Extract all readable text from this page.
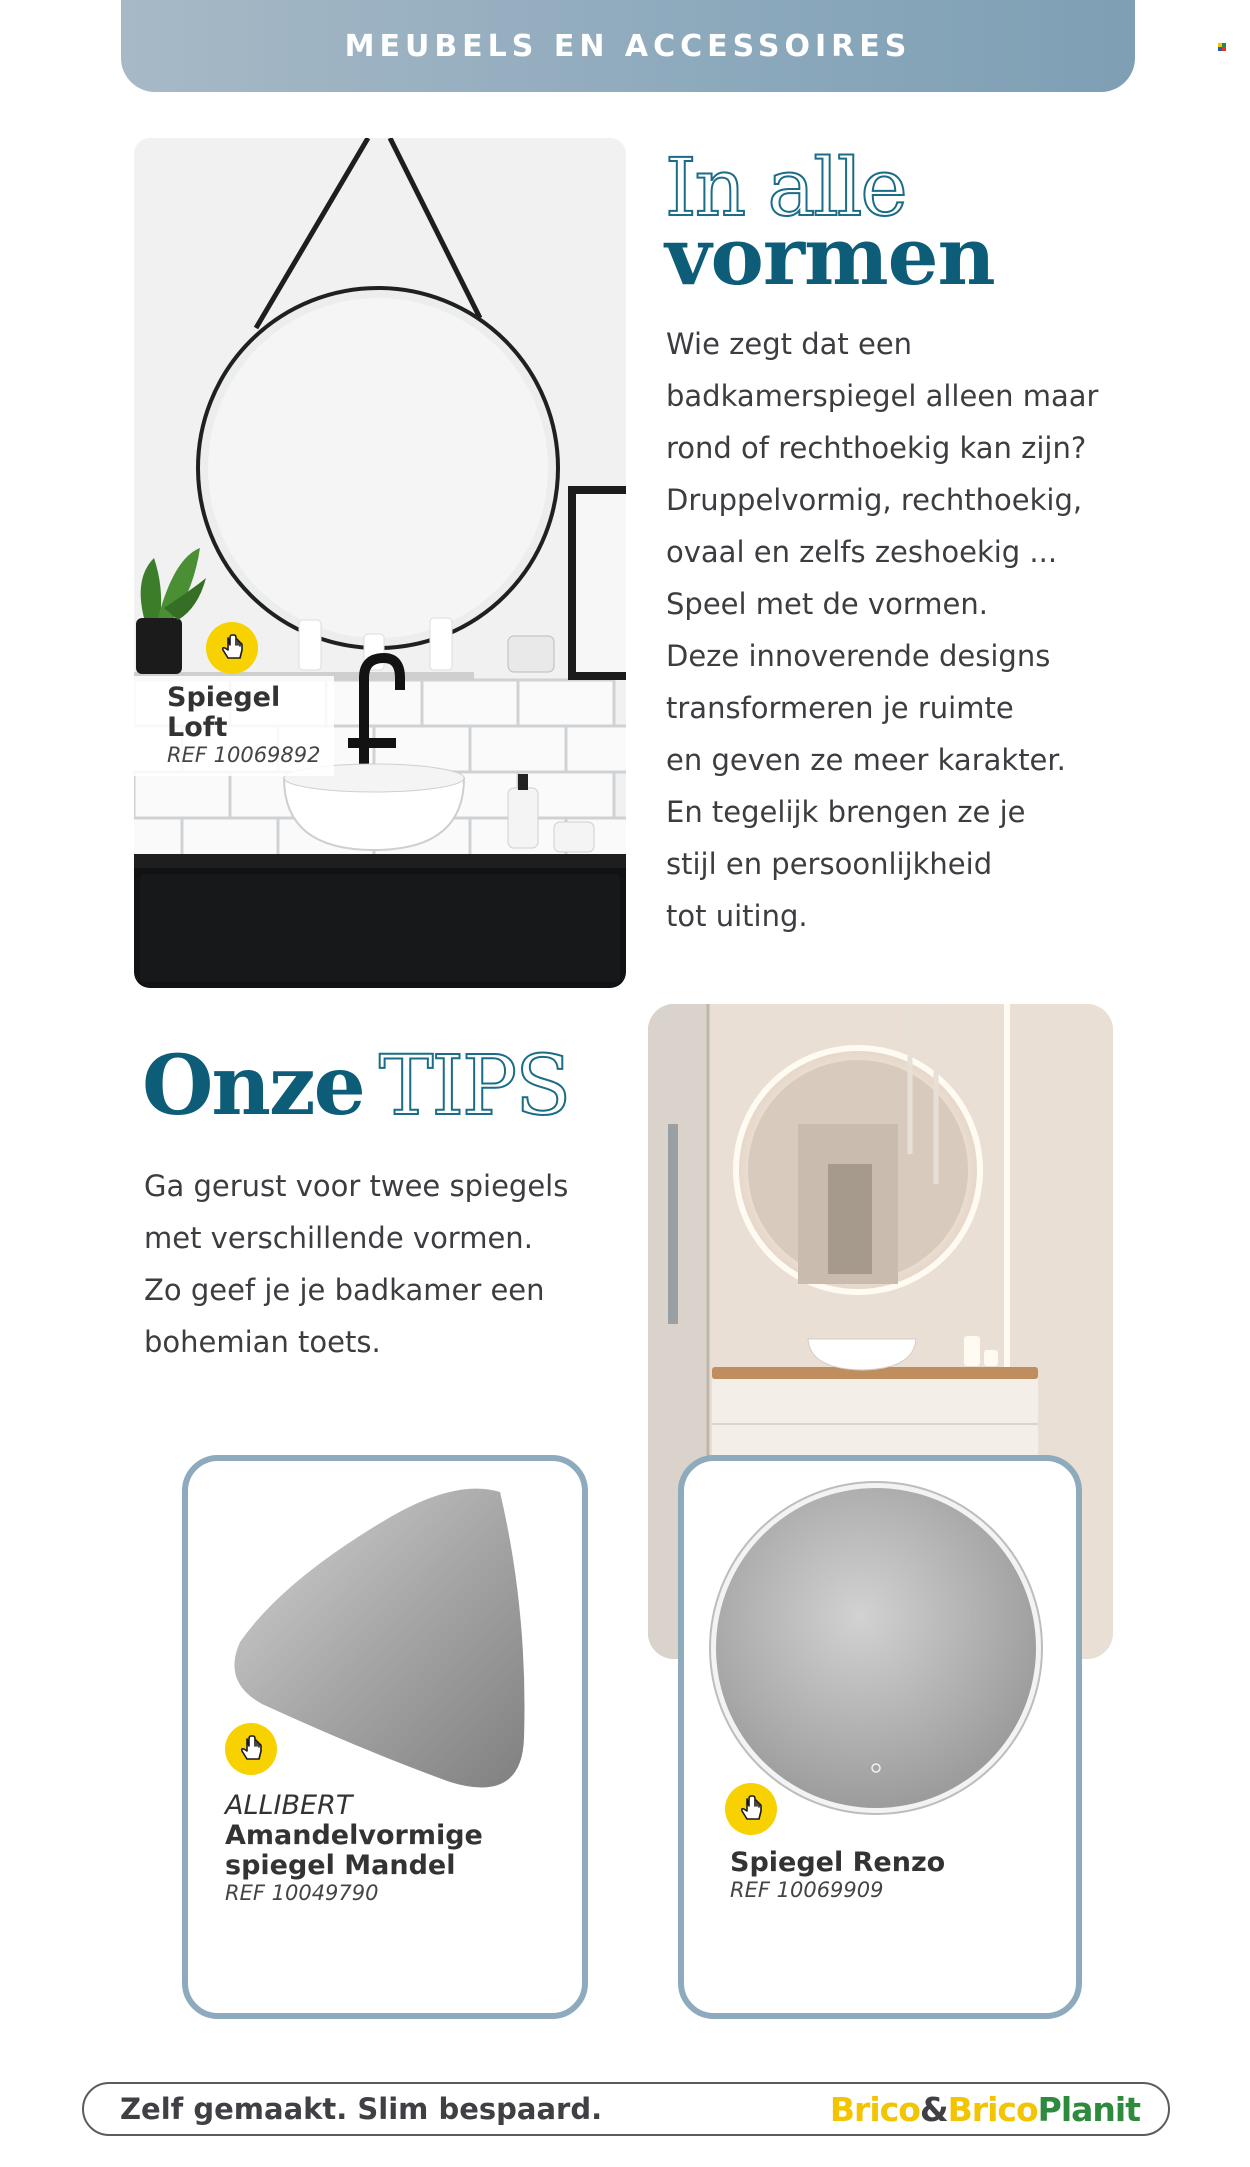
MEUBELS EN ACCESSOIRES
Spiegel
Loft
REF 10069892
In alle
vormen
Wie zegt dat een
badkamerspiegel alleen maar
rond of rechthoekig kan zijn?
Druppelvormig, rechthoekig,
ovaal en zelfs zeshoekig ...
Speel met de vormen.
Deze innoverende designs
transformeren je ruimte
en geven ze meer karakter.
En tegelijk brengen ze je
stijl en persoonlijkheid
tot uiting.
Onze TIPS
Ga gerust voor twee spiegels
met verschillende vormen.
Zo geef je je badkamer een
bohemian toets.
ALLIBERT
Amandelvormige
spiegel Mandel
REF 10049790
Spiegel Renzo
REF 10069909
Zelf gemaakt. Slim bespaard.	Brico&BricoPlanit
